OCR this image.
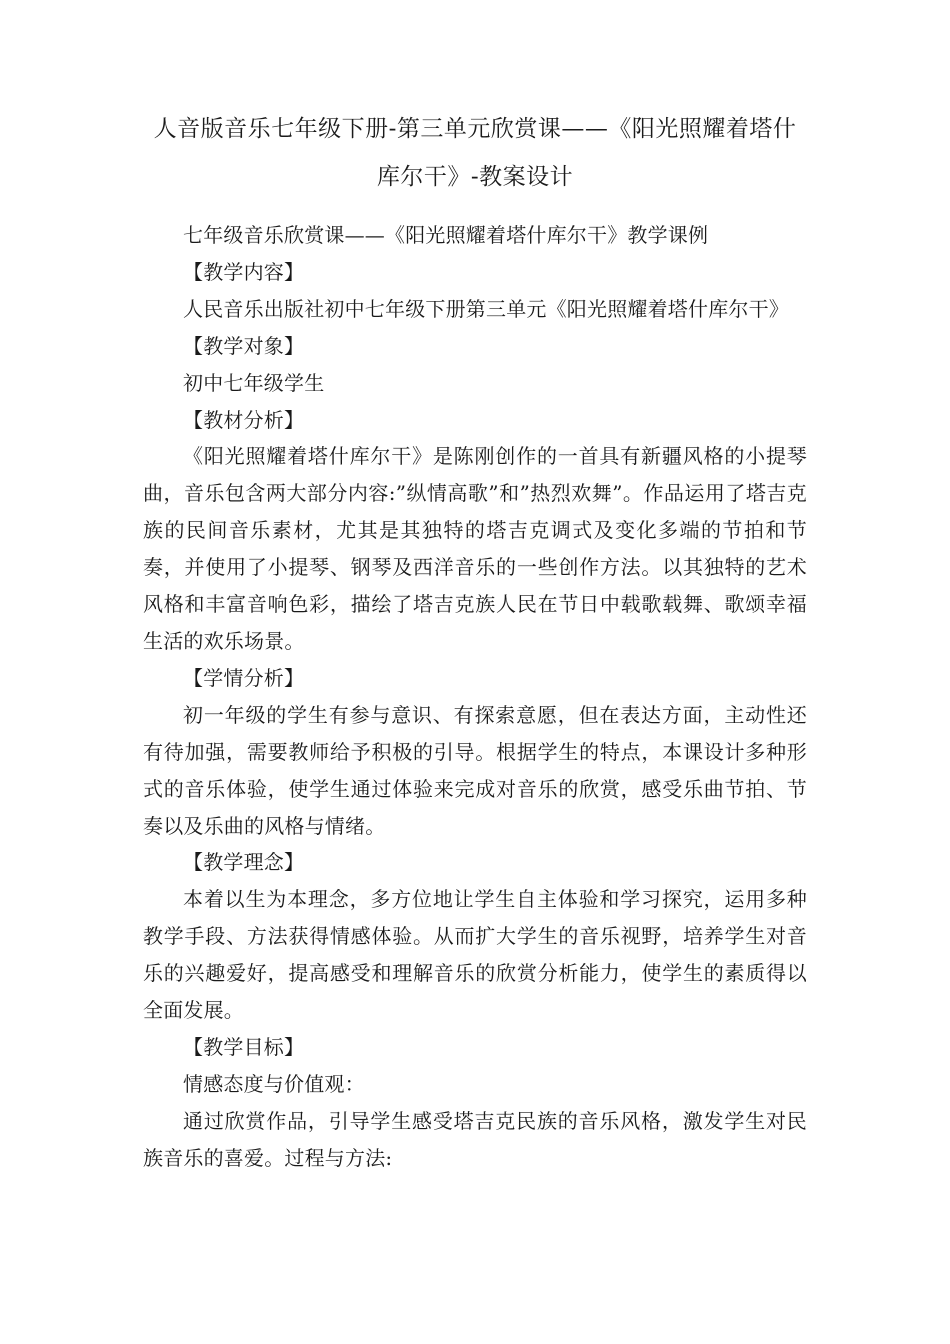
人音版音乐七年级下册-第三单元欣赏课——《阳光照耀着塔什库尔干》-教案设计

七年级音乐欣赏课——《阳光照耀着塔什库尔干》教学课例

【教学内容】

人民音乐出版社初中七年级下册第三单元《阳光照耀着塔什库尔干》

【教学对象】

初中七年级学生

【教材分析】

《阳光照耀着塔什库尔干》是陈刚创作的一首具有新疆风格的小提琴曲，音乐包含两大部分内容:”纵情高歌”和”热烈欢舞”。作品运用了塔吉克族的民间音乐素材，尤其是其独特的塔吉克调式及变化多端的节拍和节奏，并使用了小提琴、钢琴及西洋音乐的一些创作方法。以其独特的艺术风格和丰富音响色彩，描绘了塔吉克族人民在节日中载歌载舞、歌颂幸福生活的欢乐场景。

【学情分析】

初一年级的学生有参与意识、有探索意愿，但在表达方面，主动性还有待加强，需要教师给予积极的引导。根据学生的特点，本课设计多种形式的音乐体验，使学生通过体验来完成对音乐的欣赏，感受乐曲节拍、节奏以及乐曲的风格与情绪。

【教学理念】

本着以生为本理念，多方位地让学生自主体验和学习探究，运用多种教学手段、方法获得情感体验。从而扩大学生的音乐视野，培养学生对音乐的兴趣爱好，提高感受和理解音乐的欣赏分析能力，使学生的素质得以全面发展。

【教学目标】

情感态度与价值观：

通过欣赏作品，引导学生感受塔吉克民族的音乐风格，激发学生对民族音乐的喜爱。过程与方法:
